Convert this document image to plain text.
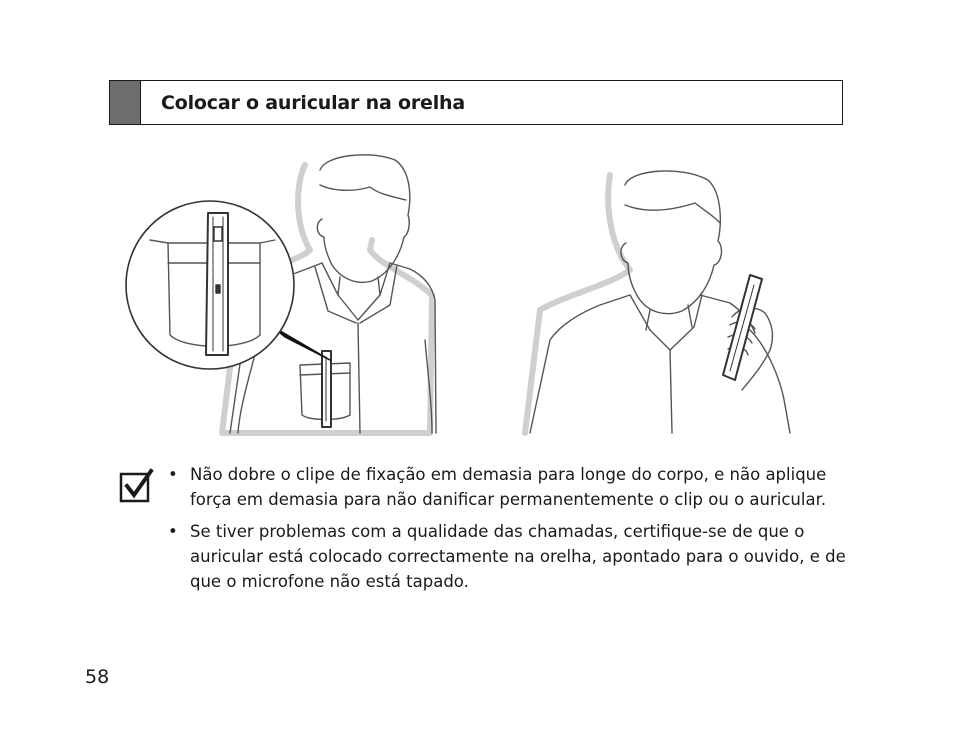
Colocar o auricular na orelha
• Não dobre o clipe de fixação em demasia para longe do corpo, e não aplique força em demasia para não danificar permanentemente o clip ou o auricular.
• Se tiver problemas com a qualidade das chamadas, certifique-se de que o auricular está colocado correctamente na orelha, apontado para o ouvido, e de que o microfone não está tapado.
58
